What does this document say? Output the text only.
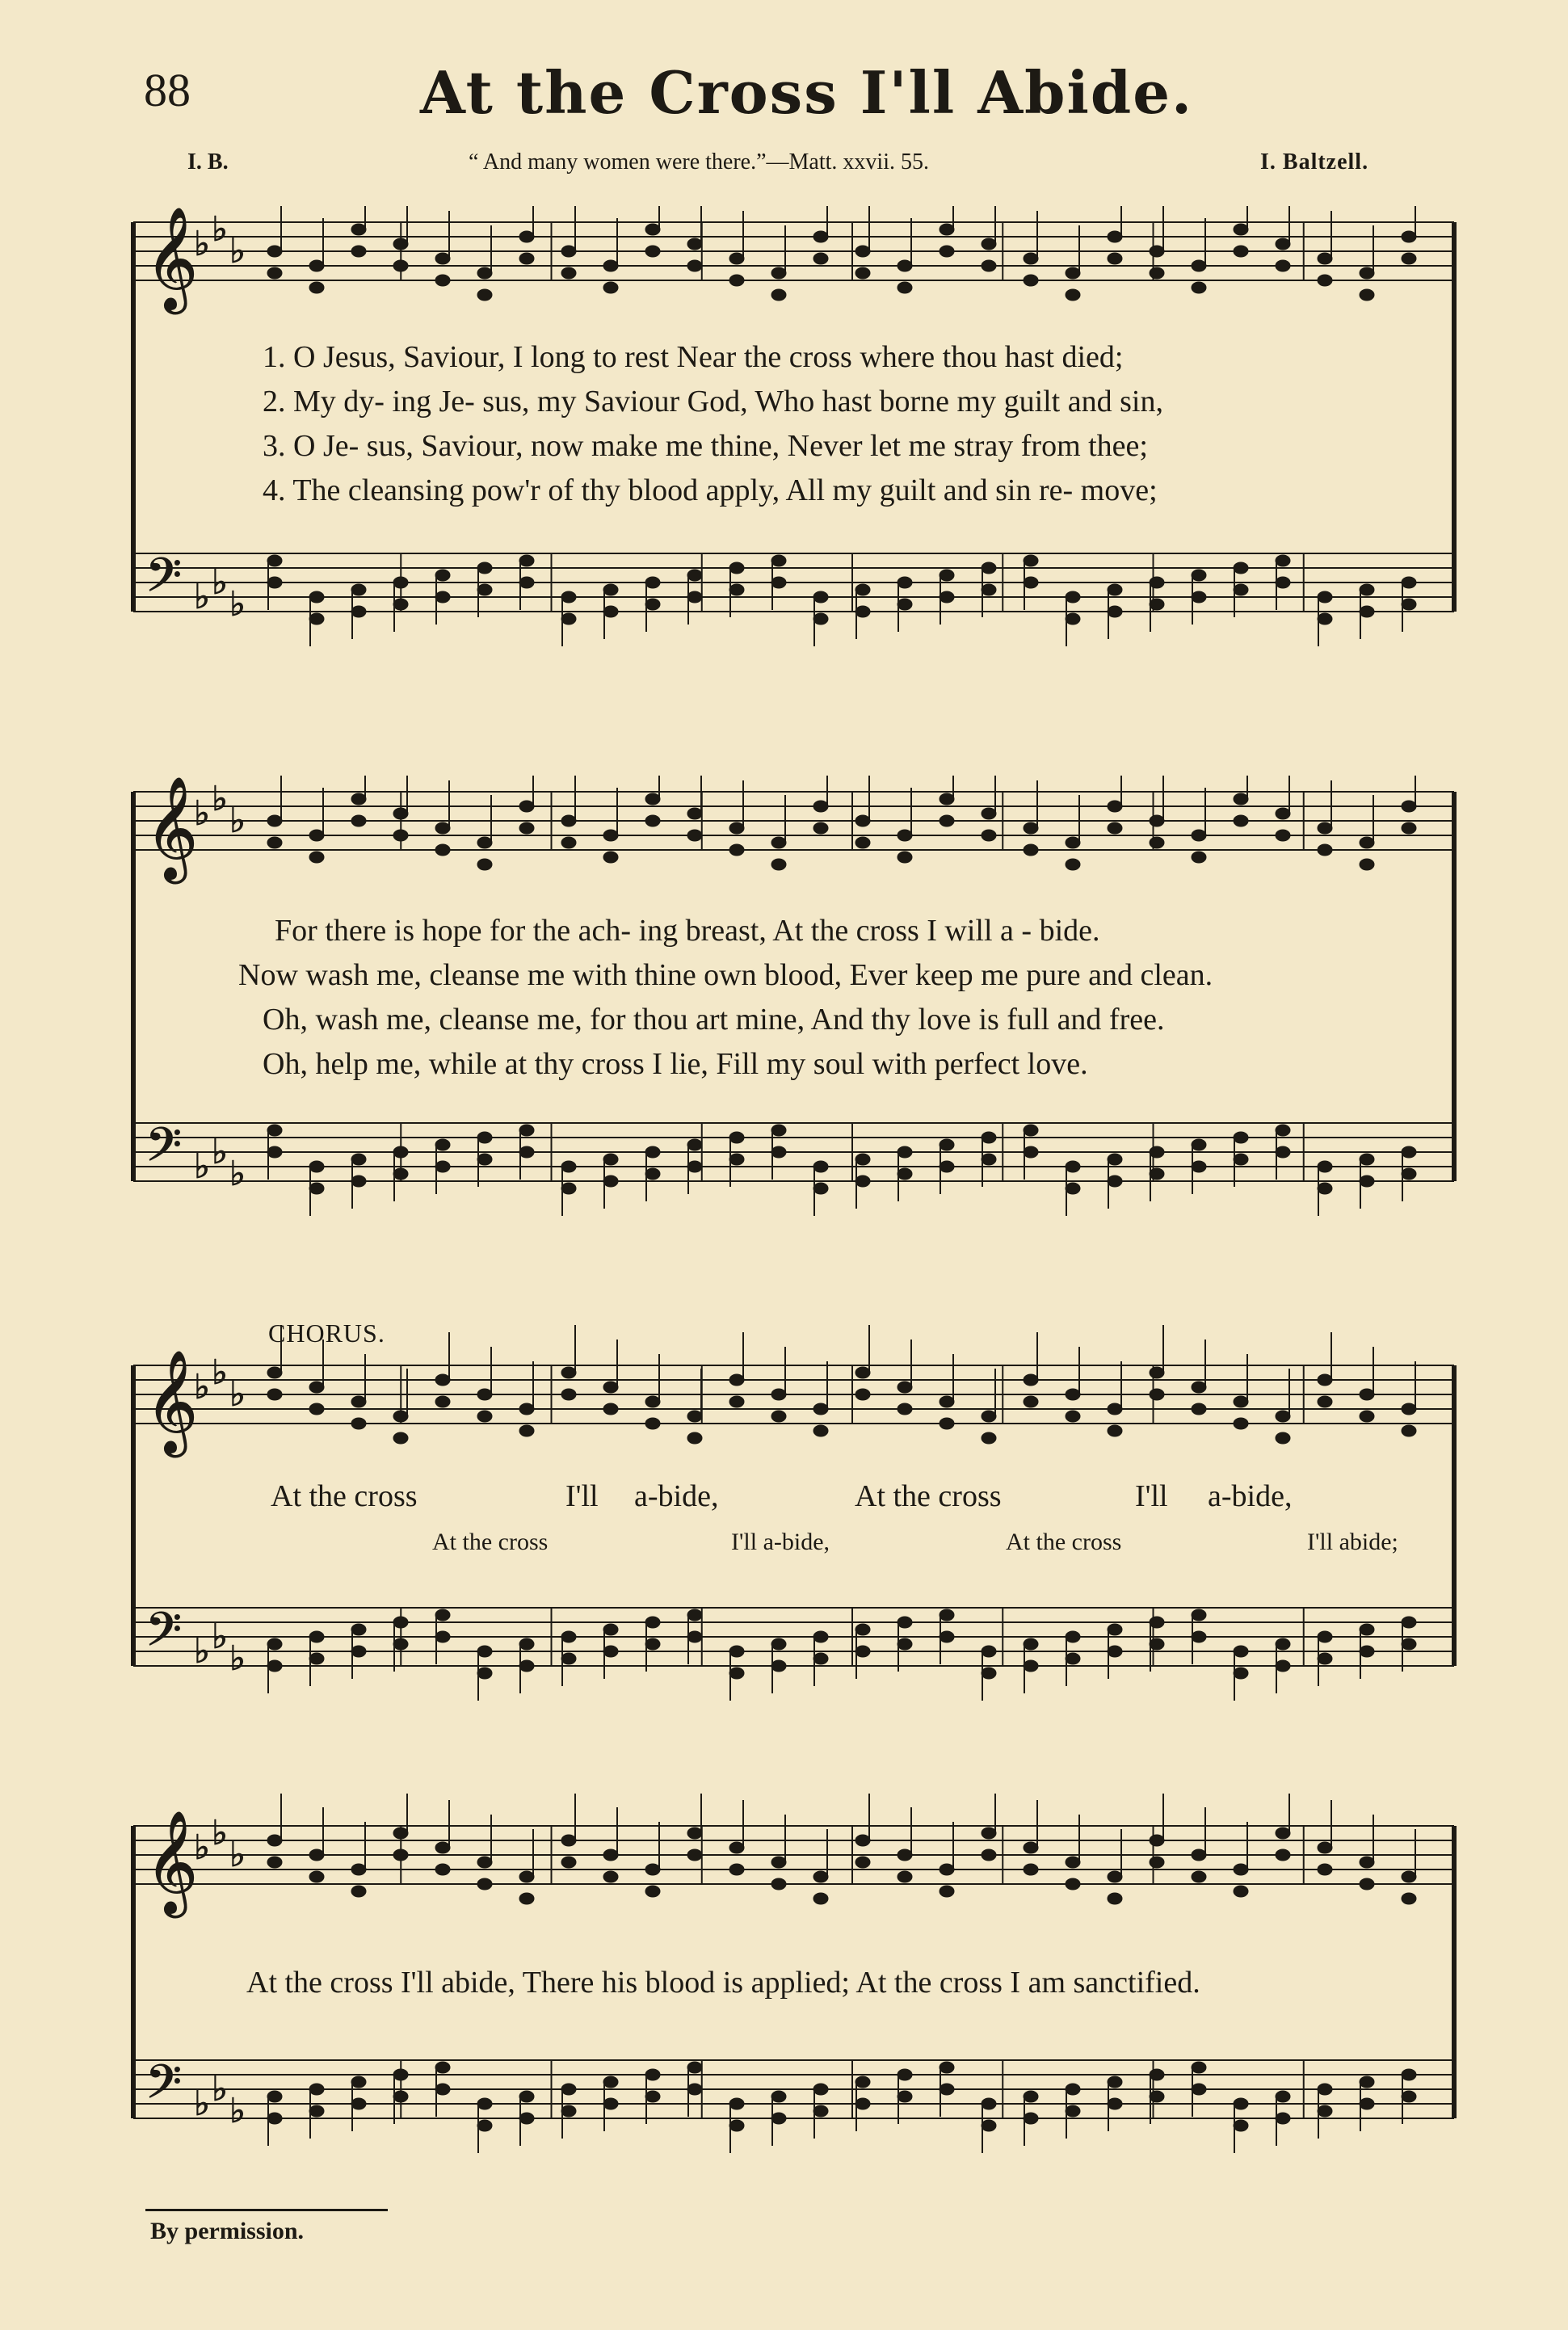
88	At the Cross I'll Abide.
I. B.	“ And many women were there.”—Matt. xxvii. 55.	I. Baltzell.
𝄞
𝄢
♭ ♭
♭
♭ ♭
♭
1. O Jesus, Saviour, I long to rest Near the cross where thou hast died;
2. My dy- ing Je- sus, my Saviour God, Who hast borne my guilt and sin,
3. O Je- sus, Saviour, now make me thine, Never let me stray from thee;
4. The cleansing pow'r of thy blood apply, All my guilt and sin re- move;
𝄞
𝄢
♭ ♭
♭
♭ ♭
♭
For there is hope for the ach- ing breast, At the cross I will a - bide.
Now wash me, cleanse me with thine own blood, Ever keep me pure and clean.
Oh, wash me, cleanse me, for thou art mine, And thy love is full and free.
Oh, help me, while at thy cross I lie, Fill my soul with perfect love.
CHORUS.
𝄞
𝄢
♭ ♭
♭
♭ ♭
♭
At the cross	I'll a-bide,	At the cross	I'll a-bide,
At the cross	I'll a-bide,	At the cross	I'll abide;
𝄞
𝄢
♭ ♭
♭
♭ ♭
♭
At the cross I'll abide, There his blood is applied; At the cross I am sanctified.
By permission.
